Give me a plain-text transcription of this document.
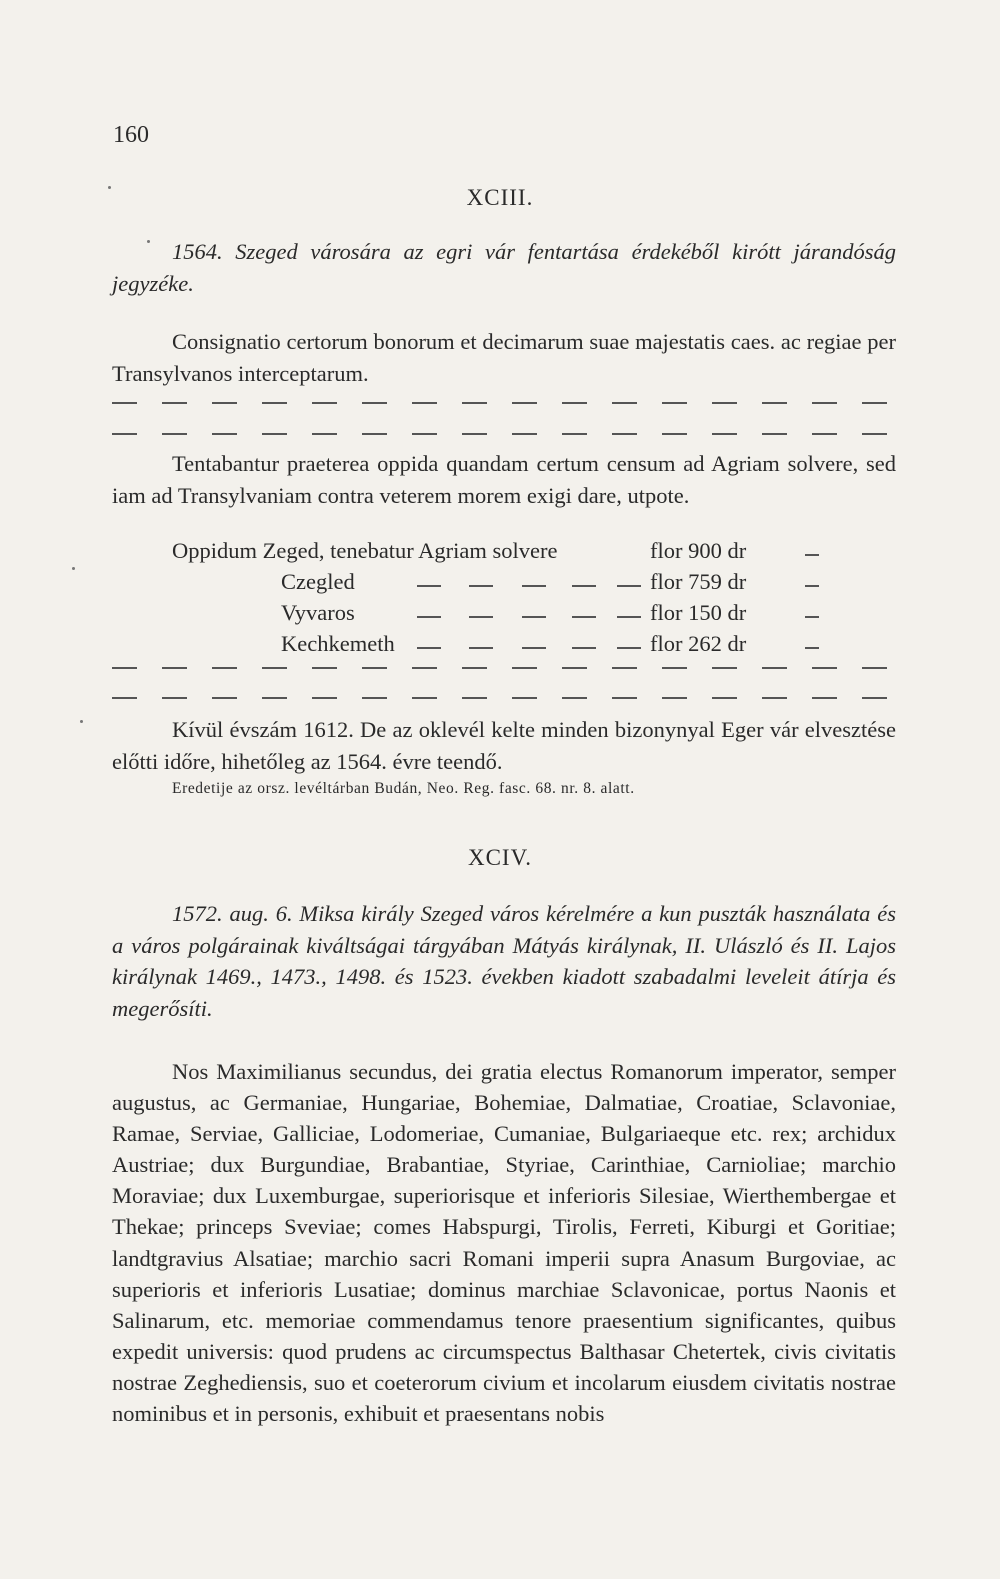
160
XCIII.

1564. Szeged városára az egri vár fentartása érdekéből kirótt járandóság jegyzéke.

Consignatio certorum bonorum et decimarum suae majestatis caes. ac regiae per Transylvanos interceptarum.

Tentabantur praeterea oppida quandam certum censum ad Agriam solvere, sed iam ad Transylvaniam contra veterem morem exigi dare, utpote.

Oppidum Zeged, tenebatur Agriam solvere	flor 900 dr
Czegled	flor 759 dr
Vyvaros	flor 150 dr
Kechkemeth	flor 262 dr

Kívül évszám 1612. De az oklevél kelte minden bizonynyal Eger vár elvesztése előtti időre, hihetőleg az 1564. évre teendő.

Eredetije az orsz. levéltárban Budán, Neo. Reg. fasc. 68. nr. 8. alatt.
XCIV.

1572. aug. 6. Miksa király Szeged város kérelmére a kun puszták használata és a város polgárainak kiváltságai tárgyában Mátyás királynak, II. Ulászló és II. Lajos királynak 1469., 1473., 1498. és 1523. években kiadott szabadalmi leveleit átírja és megerősíti.

Nos Maximilianus secundus, dei gratia electus Romanorum imperator, semper augustus, ac Germaniae, Hungariae, Bohemiae, Dalmatiae, Croatiae, Sclavoniae, Ramae, Serviae, Galliciae, Lodomeriae, Cumaniae, Bulgariaeque etc. rex; archidux Austriae; dux Burgundiae, Brabantiae, Styriae, Carinthiae, Carnioliae; marchio Moraviae; dux Luxemburgae, superiorisque et inferioris Silesiae, Wierthembergae et Thekae; princeps Sveviae; comes Habspurgi, Tirolis, Ferreti, Kiburgi et Goritiae; landtgravius Alsatiae; marchio sacri Romani imperii supra Anasum Burgoviae, ac superioris et inferioris Lusatiae; dominus marchiae Sclavonicae, portus Naonis et Salinarum, etc. memoriae commendamus tenore praesentium significantes, quibus expedit universis: quod prudens ac circumspectus Balthasar Chetertek, civis civitatis nostrae Zeghediensis, suo et coeterorum civium et incolarum eiusdem civitatis nostrae nominibus et in personis, exhibuit et praesentans nobis
